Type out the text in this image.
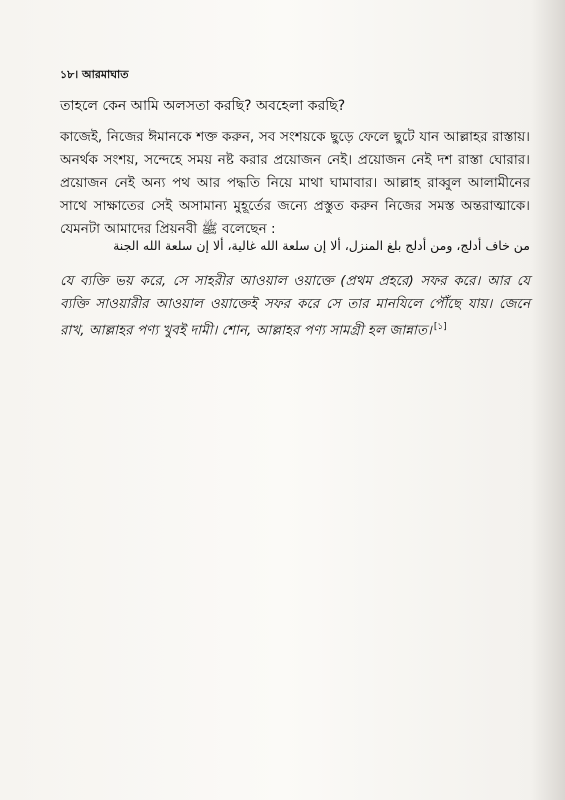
১৮। আরমাঘাত
তাহলে কেন আমি অলসতা করছি? অবহেলা করছি?
কাজেই, নিজের ঈমানকে শক্ত করুন, সব সংশয়কে ছুড়ে ফেলে ছুটে যান আল্লাহর রাস্তায়। অনর্থক সংশয়, সন্দেহে সময় নষ্ট করার প্রয়োজন নেই। প্রয়োজন নেই দশ রাস্তা ঘোরার। প্রয়োজন নেই অন্য পথ আর পদ্ধতি নিয়ে মাথা ঘামাবার। আল্লাহ রাব্বুল আলামীনের সাথে সাক্ষাতের সেই অসামান্য মুহূর্তের জন্যে প্রস্তুত করুন নিজের সমস্ত অন্তরাত্মাকে। যেমনটা আমাদের প্রিয়নবী ﷺ বলেছেন :
من خاف أدلج، ومن أدلج بلغ المنزل، ألا إن سلعة الله غالية، ألا إن سلعة الله الجنة
যে ব্যক্তি ভয় করে, সে সাহরীর আওয়াল ওয়াক্তে (প্রথম প্রহরে) সফর করে। আর যে ব্যক্তি সাওয়ারীর আওয়াল ওয়াক্তেই সফর করে সে তার মানযিলে পৌঁছে যায়। জেনে রাখ, আল্লাহর পণ্য খুবই দামী। শোন, আল্লাহর পণ্য সামগ্রী হল জান্নাত। [১]
